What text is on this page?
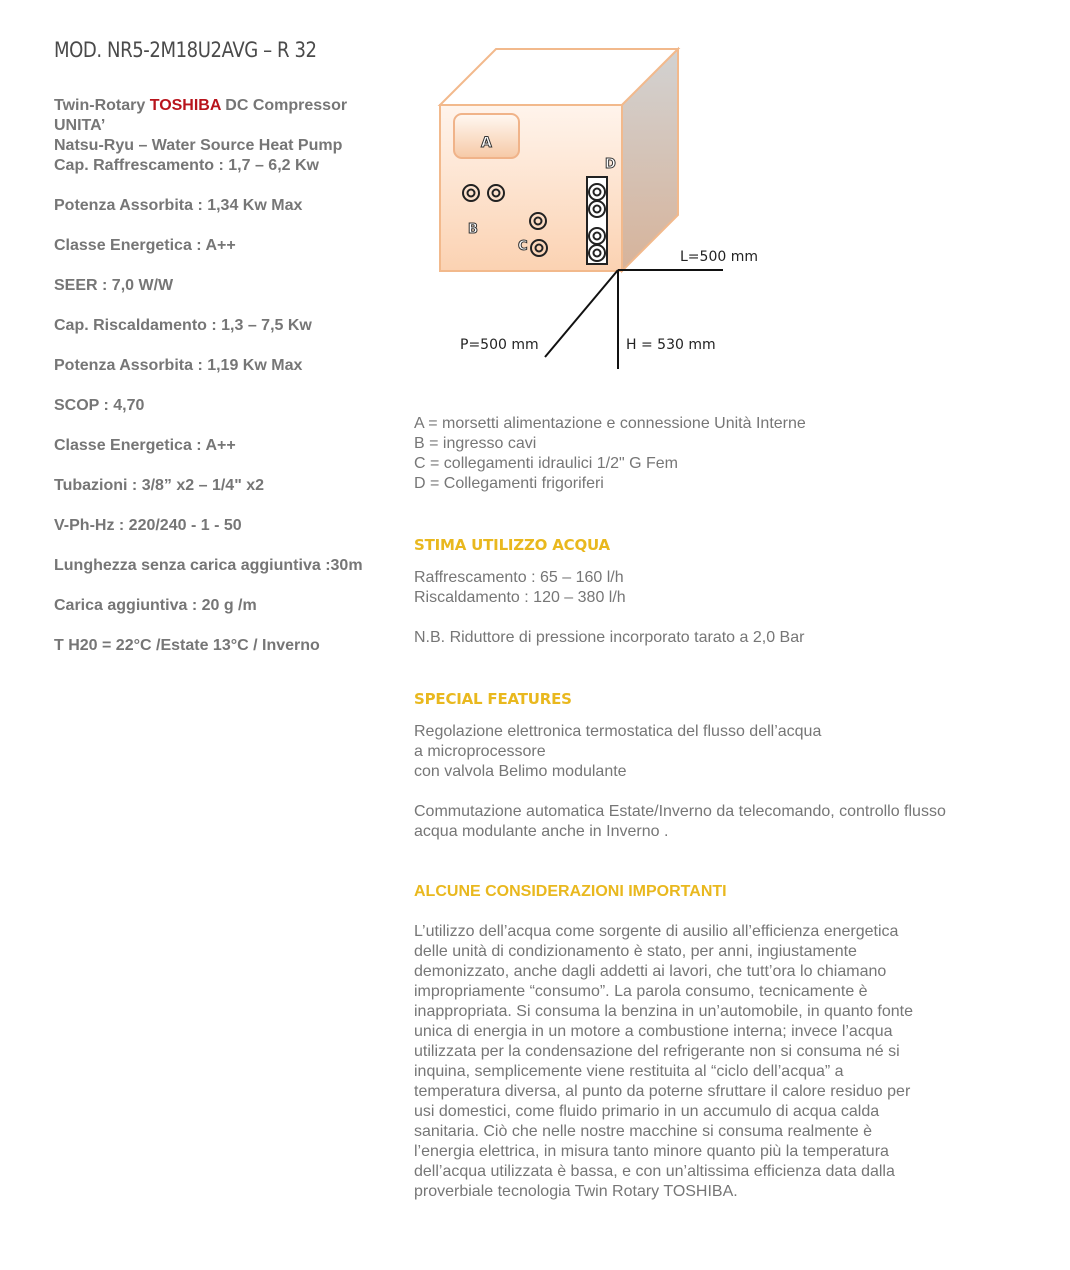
MOD. NR5-2M18U2AVG – R 32
Twin-Rotary TOSHIBA DC Compressor
UNITA’
Natsu-Ryu – Water Source Heat Pump
Cap. Raffrescamento : 1,7 – 6,2 Kw
Potenza Assorbita : 1,34 Kw Max
Classe Energetica : A++
SEER : 7,0 W/W
Cap. Riscaldamento : 1,3 – 7,5 Kw
Potenza Assorbita : 1,19 Kw Max
SCOP : 4,70
Classe Energetica : A++
Tubazioni : 3/8” x2 – 1/4" x2
V-Ph-Hz : 220/240 - 1 - 50
Lunghezza senza carica aggiuntiva :30m
Carica aggiuntiva : 20 g /m
T H20 = 22°C /Estate 13°C / Inverno
A
B
C
D
L=500 mm
P=500 mm	H = 530 mm
A = morsetti alimentazione e connessione Unità Interne
B = ingresso cavi
C = collegamenti idraulici 1/2" G Fem
D = Collegamenti frigoriferi
STIMA UTILIZZO ACQUA
Raffrescamento : 65 – 160 l/h
Riscaldamento : 120 – 380 l/h
N.B. Riduttore di pressione incorporato tarato a 2,0 Bar
SPECIAL FEATURES
Regolazione elettronica termostatica del flusso dell’acqua
a microprocessore
con valvola Belimo modulante
Commutazione automatica Estate/Inverno da telecomando, controllo flusso
acqua modulante anche in Inverno .
ALCUNE CONSIDERAZIONI IMPORTANTI
L’utilizzo dell’acqua come sorgente di ausilio all’efficienza energetica
delle unità di condizionamento è stato, per anni, ingiustamente
demonizzato, anche dagli addetti ai lavori, che tutt’ora lo chiamano
impropriamente “consumo”. La parola consumo, tecnicamente è
inappropriata. Si consuma la benzina in un’automobile, in quanto fonte
unica di energia in un motore a combustione interna; invece l’acqua
utilizzata per la condensazione del refrigerante non si consuma né si
inquina, semplicemente viene restituita al “ciclo dell’acqua” a
temperatura diversa, al punto da poterne sfruttare il calore residuo per
usi domestici, come fluido primario in un accumulo di acqua calda
sanitaria. Ciò che nelle nostre macchine si consuma realmente è
l’energia elettrica, in misura tanto minore quanto più la temperatura
dell’acqua utilizzata è bassa, e con un’altissima efficienza data dalla
proverbiale tecnologia Twin Rotary TOSHIBA.
